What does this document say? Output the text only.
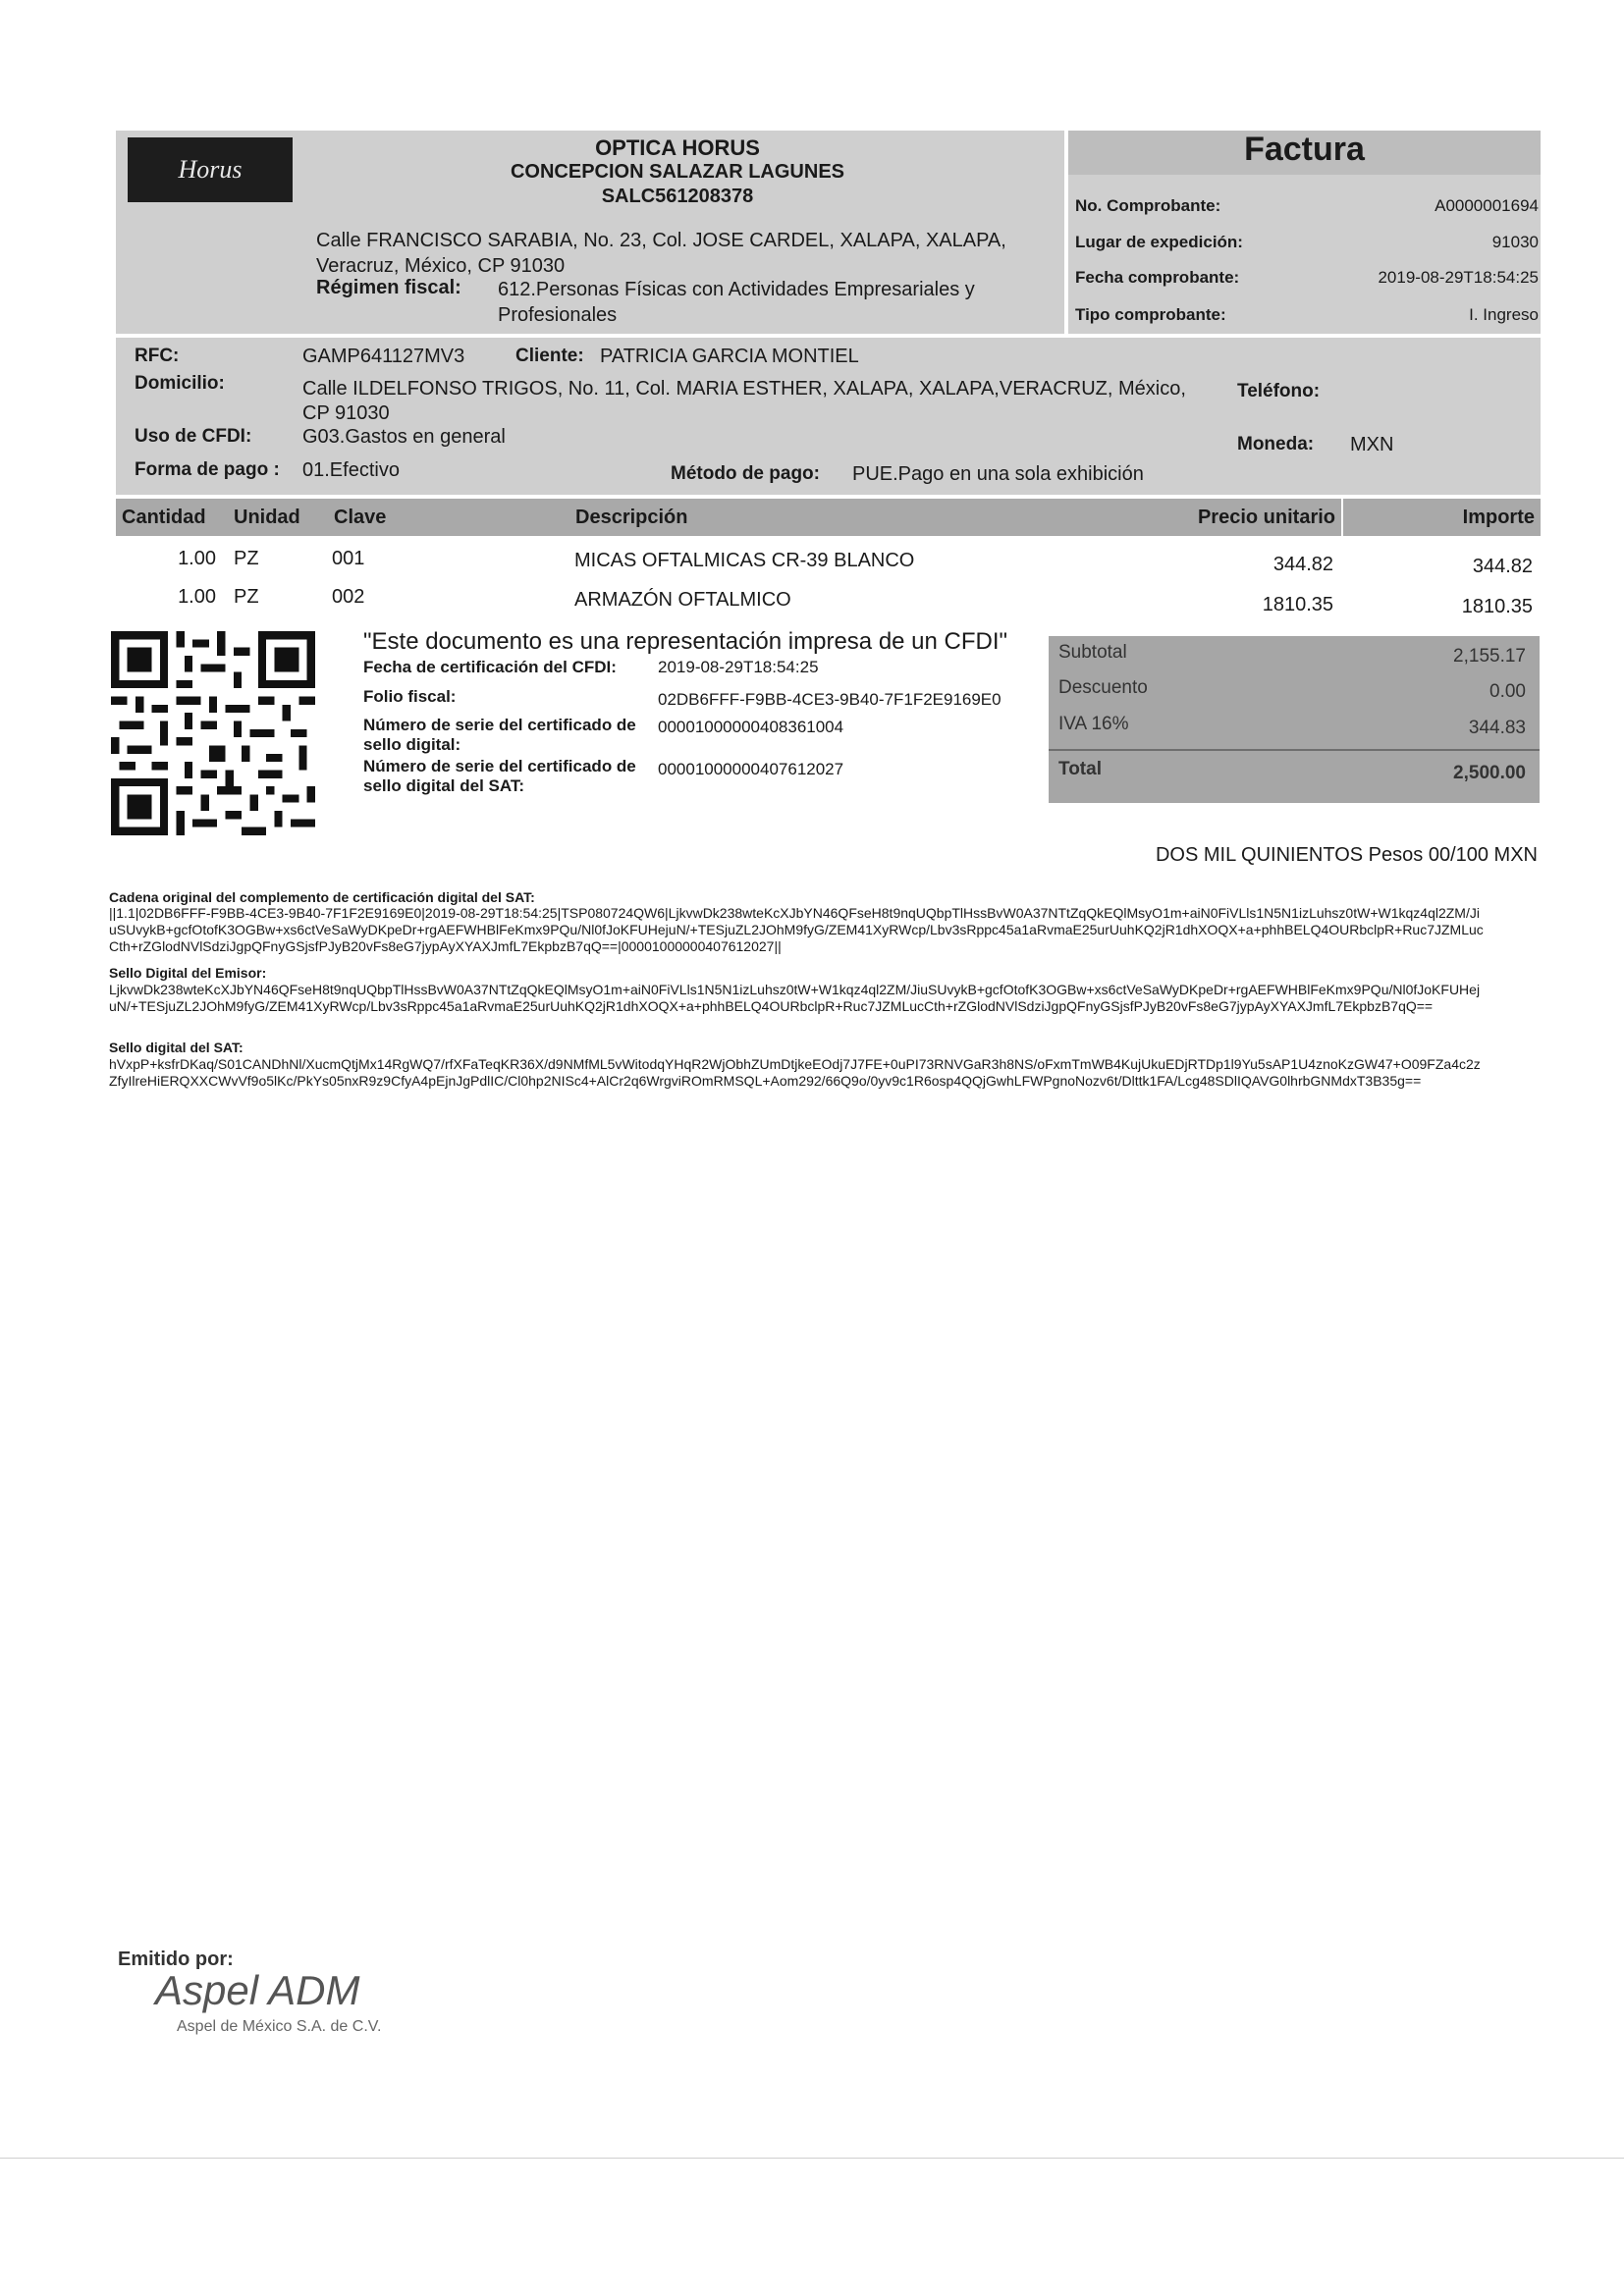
Horus
OPTICA HORUS
CONCEPCION SALAZAR LAGUNES
SALC561208378
Calle FRANCISCO SARABIA, No. 23, Col. JOSE CARDEL, XALAPA, XALAPA, Veracruz, México, CP 91030
Régimen fiscal: 612.Personas Físicas con Actividades Empresariales y Profesionales
Factura
No. Comprobante:	A0000001694
Lugar de expedición:	91030
Fecha comprobante:	2019-08-29T18:54:25
Tipo comprobante:	I. Ingreso
RFC:	GAMP641127MV3	Cliente: PATRICIA GARCIA MONTIEL
Domicilio:	Calle ILDELFONSO TRIGOS, No. 11, Col. MARIA ESTHER, XALAPA, XALAPA,VERACRUZ, México, CP 91030
Teléfono:
Uso de CFDI:	G03.Gastos en general	Moneda: MXN
Forma de pago : 01.Efectivo	Método de pago: PUE.Pago en una sola exhibición
Cantidad	Unidad	Clave	Descripción	Precio unitario	Importe
1.00 PZ	001	MICAS OFTALMICAS CR-39 BLANCO	344.82	344.82
1.00 PZ	002	ARMAZÓN OFTALMICO	1810.35	1810.35
"Este documento es una representación impresa de un CFDI"
Fecha de certificación del CFDI: 2019-08-29T18:54:25
Folio fiscal:	02DB6FFF-F9BB-4CE3-9B40-7F1F2E9169E0
Número de serie del certificado de sello digital:
00001000000408361004
Número de serie del certificado de sello digital del SAT:
00001000000407612027
Subtotal	2,155.17
Descuento	0.00
IVA 16%	344.83
Total	2,500.00
DOS MIL QUINIENTOS Pesos 00/100 MXN
Cadena original del complemento de certificación digital del SAT:
||1.1|02DB6FFF-F9BB-4CE3-9B40-7F1F2E9169E0|2019-08-29T18:54:25|TSP080724QW6|LjkvwDk238wteKcXJbYN46QFseH8t9nqUQbpTlHssBvW0A37NTtZqQkEQlMsyO1m+aiN0FiVLls1N5N1izLuhsz0tW+W1kqz4ql2ZM/JiuSUvykB+gcfOtofK3OGBw+xs6ctVeSaWyDKpeDr+rgAEFWHBlFeKmx9PQu/Nl0fJoKFUHejuN/+TESjuZL2JOhM9fyG/ZEM41XyRWcp/Lbv3sRppc45a1aRvmaE25urUuhKQ2jR1dhXOQX+a+phhBELQ4OURbclpR+Ruc7JZMLucCth+rZGlodNVlSdziJgpQFnyGSjsfPJyB20vFs8eG7jypAyXYAXJmfL7EkpbzB7qQ==|00001000000407612027||
Sello Digital del Emisor:
LjkvwDk238wteKcXJbYN46QFseH8t9nqUQbpTlHssBvW0A37NTtZqQkEQlMsyO1m+aiN0FiVLls1N5N1izLuhsz0tW+W1kqz4ql2ZM/JiuSUvykB+gcfOtofK3OGBw+xs6ctVeSaWyDKpeDr+rgAEFWHBlFeKmx9PQu/Nl0fJoKFUHejuN/+TESjuZL2JOhM9fyG/ZEM41XyRWcp/Lbv3sRppc45a1aRvmaE25urUuhKQ2jR1dhXOQX+a+phhBELQ4OURbclpR+Ruc7JZMLucCth+rZGlodNVlSdziJgpQFnyGSjsfPJyB20vFs8eG7jypAyXYAXJmfL7EkpbzB7qQ==
Sello digital del SAT:
hVxpP+ksfrDKaq/S01CANDhNl/XucmQtjMx14RgWQ7/rfXFaTeqKR36X/d9NMfML5vWitodqYHqR2WjObhZUmDtjkeEOdj7J7FE+0uPI73RNVGaR3h8NS/oFxmTmWB4KujUkuEDjRTDp1l9Yu5sAP1U4znoKzGW47+O09FZa4c2zZfyIlreHiERQXXCWvVf9o5lKc/PkYs05nxR9z9CfyA4pEjnJgPdlIC/Cl0hp2NISc4+AlCr2q6WrgviROmRMSQL+Aom292/66Q9o/0yv9c1R6osp4QQjGwhLFWPgnoNozv6t/Dlttk1FA/Lcg48SDlIQAVG0lhrbGNMdxT3B35g==
Emitido por:
Aspel ADM
Aspel de México S.A. de C.V.
